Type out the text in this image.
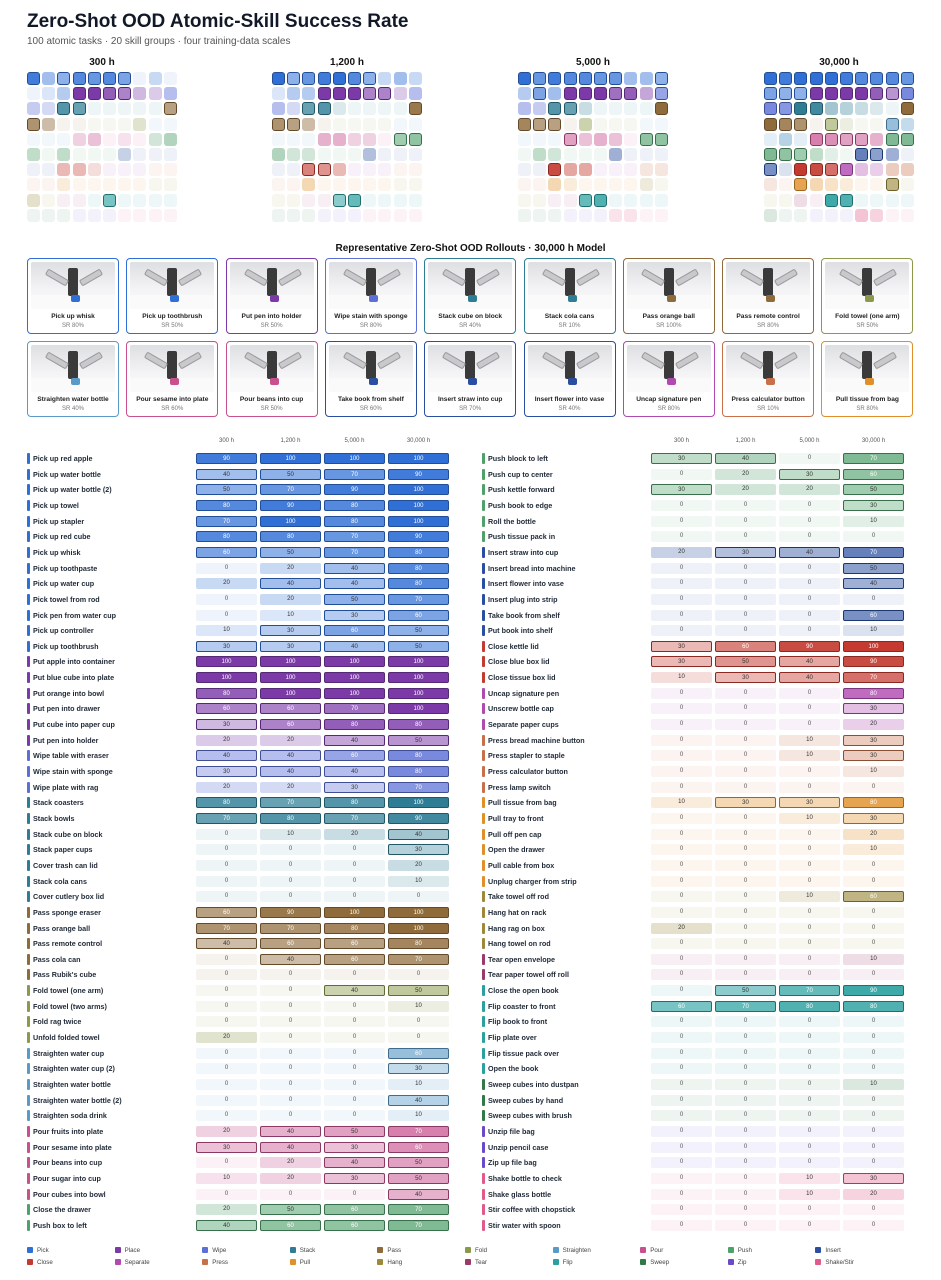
Zero-Shot OOD Atomic-Skill Success Rate
100 atomic tasks · 20 skill groups · four training-data scales
300 h	1,200 h	5,000 h	30,000 h
Representative Zero-Shot OOD Rollouts · 30,000 h Model
Pick up whisk
SR 80%
Pick up toothbrush
SR 50%
Put pen into holder
SR 50%
Wipe stain with sponge
SR 80%
Stack cube on block
SR 40%
Stack cola cans
SR 10%
Pass orange ball
SR 100%
Pass remote control
SR 80%
Fold towel (one arm)
SR 50%
Straighten water bottle
SR 40%
Pour sesame into plate
SR 60%
Pour beans into cup
SR 50%
Take book from shelf
SR 60%
Insert straw into cup
SR 70%
Insert flower into vase
SR 40%
Uncap signature pen
SR 80%
Press calculator button
SR 10%
Pull tissue from bag
SR 80%
300 h	1,200 h	5,000 h	30,000 h	300 h	1,200 h	5,000 h	30,000 h
Pick up red apple	90	100	100	100
Pick up water bottle	40	50	70	90
Pick up water bottle (2)	50	70	90	100
Pick up towel	80	90	80	100
Pick up stapler	70	100	80	100
Pick up red cube	80	80	70	90
Pick up whisk	60	50	70	80
Pick up toothpaste	0	20	40	80
Pick up water cup	20	40	40	80
Pick towel from rod	0	20	50	70
Pick pen from water cup	0	10	30	60
Pick up controller	10	30	60	50
Pick up toothbrush	30	30	40	50
Put apple into container	100	100	100	100
Put blue cube into plate	100	100	100	100
Put orange into bowl	80	100	100	100
Put pen into drawer	60	60	70	100
Put cube into paper cup	30	60	80	80
Put pen into holder	20	20	40	50
Wipe table with eraser	40	40	60	80
Wipe stain with sponge	30	40	40	80
Wipe plate with rag	20	20	30	70
Stack coasters	80	70	80	100
Stack bowls	70	80	70	90
Stack cube on block	0	10	20	40
Stack paper cups	0	0	0	30
Cover trash can lid	0	0	0	20
Stack cola cans	0	0	0	10
Cover cutlery box lid	0	0	0	0
Pass sponge eraser	60	90	100	100
Pass orange ball	70	70	80	100
Pass remote control	40	60	60	80
Pass cola can	0	40	60	70
Pass Rubik's cube	0	0	0	0
Fold towel (one arm)	0	0	40	50
Fold towel (two arms)	0	0	0	10
Fold rag twice	0	0	0	0
Unfold folded towel	20	0	0	0
Straighten water cup	0	0	0	60
Straighten water cup (2)	0	0	0	30
Straighten water bottle	0	0	0	10
Straighten water bottle (2)	0	0	0	40
Straighten soda drink	0	0	0	10
Pour fruits into plate	20	40	50	70
Pour sesame into plate	30	40	30	60
Pour beans into cup	0	20	40	50
Pour sugar into cup	10	20	30	50
Pour cubes into bowl	0	0	0	40
Close the drawer	20	50	60	70
Push box to left	40	60	60	70
Push block to left	30	40	0	70
Push cup to center	0	20	30	60
Push kettle forward	30	20	20	50
Push book to edge	0	0	0	30
Roll the bottle	0	0	0	10
Push tissue pack in	0	0	0	0
Insert straw into cup	20	30	40	70
Insert bread into machine	0	0	0	50
Insert flower into vase	0	0	0	40
Insert plug into strip	0	0	0	0
Take book from shelf	0	0	0	60
Put book into shelf	0	0	0	10
Close kettle lid	30	60	90	100
Close blue box lid	30	50	40	90
Close tissue box lid	10	30	40	70
Uncap signature pen	0	0	0	80
Unscrew bottle cap	0	0	0	30
Separate paper cups	0	0	0	20
Press bread machine button	0	0	10	30
Press stapler to staple	0	0	10	30
Press calculator button	0	0	0	10
Press lamp switch	0	0	0	0
Pull tissue from bag	10	30	30	80
Pull tray to front	0	0	10	30
Pull off pen cap	0	0	0	20
Open the drawer	0	0	0	10
Pull cable from box	0	0	0	0
Unplug charger from strip	0	0	0	0
Take towel off rod	0	0	10	60
Hang hat on rack	0	0	0	0
Hang rag on box	20	0	0	0
Hang towel on rod	0	0	0	0
Tear open envelope	0	0	0	10
Tear paper towel off roll	0	0	0	0
Close the open book	0	50	70	90
Flip coaster to front	60	70	80	80
Flip book to front	0	0	0	0
Flip plate over	0	0	0	0
Flip tissue pack over	0	0	0	0
Open the book	0	0	0	0
Sweep cubes into dustpan	0	0	0	10
Sweep cubes by hand	0	0	0	0
Sweep cubes with brush	0	0	0	0
Unzip file bag	0	0	0	0
Unzip pencil case	0	0	0	0
Zip up file bag	0	0	0	0
Shake bottle to check	0	0	10	30
Shake glass bottle	0	0	10	20
Stir coffee with chopstick	0	0	0	0
Stir water with spoon	0	0	0	0
Pick	Place	Wipe	Stack	Pass	Fold	Straighten	Pour	Push	Insert
Close	Separate	Press	Pull	Hang	Tear	Flip	Sweep	Zip	Shake/Stir
